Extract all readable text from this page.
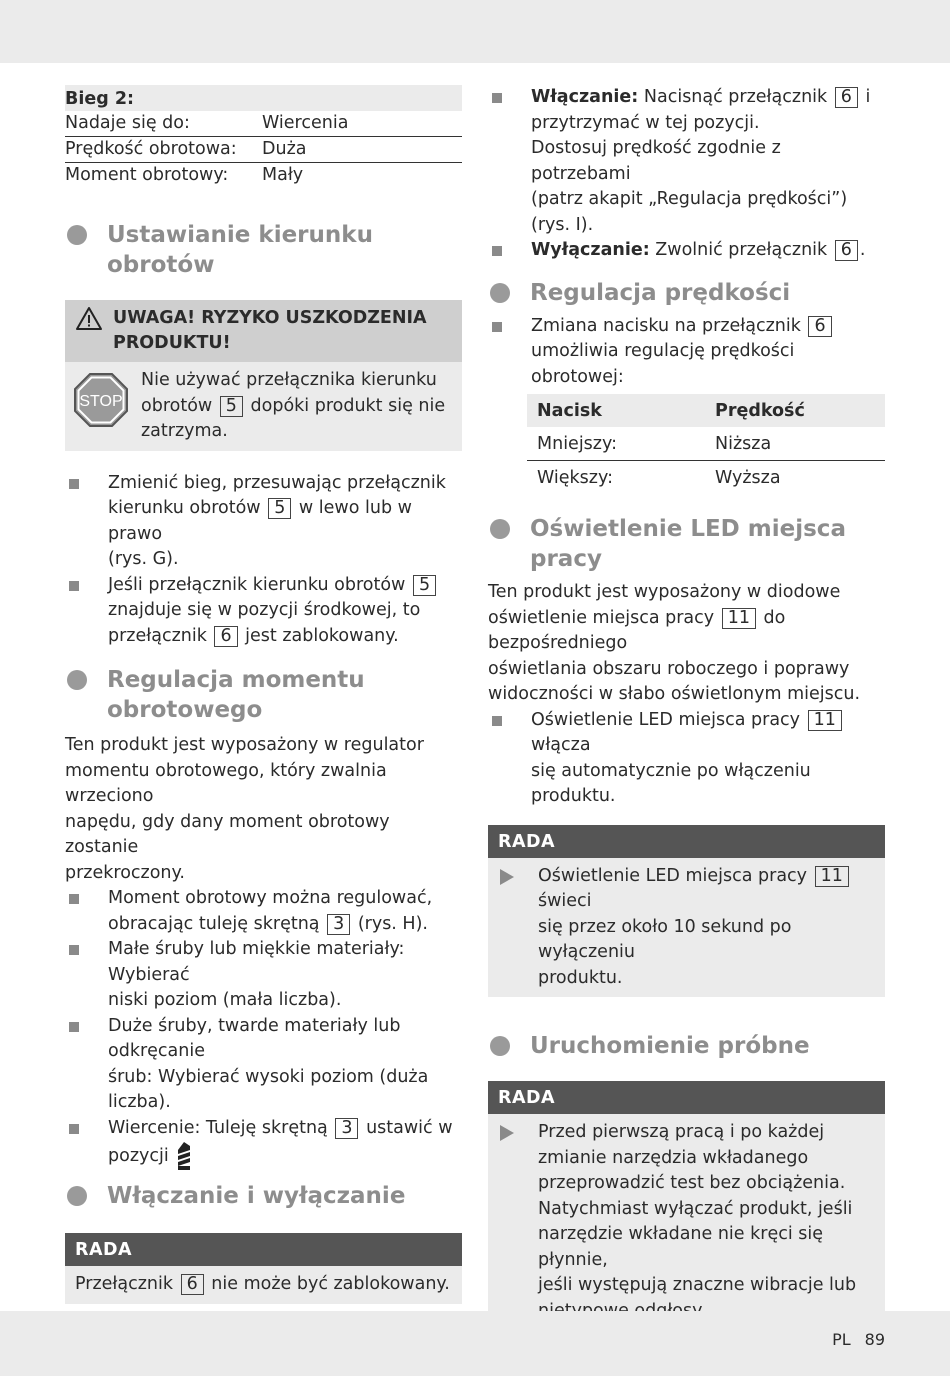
Bieg 2:	
Nadaje się do:	Wiercenia
Prędkość obrotowa:	Duża
Moment obrotowy:	Mały
Ustawianie kierunku
obrotów
UWAGA! RYZYKO USZKODZENIA
PRODUKTU!
STOP

Nie używać przełącznika kierunku

obrotów 5 dopóki produkt się nie

zatrzyma.

Zmienić bieg, przesuwając przełącznik

kierunku obrotów 5 w lewo lub w prawo

(rys. G).

Jeśli przełącznik kierunku obrotów 5

znajduje się w pozycji środkowej, to

przełącznik 6 jest zablokowany.

Regulacja momentu
obrotowego

Ten produkt jest wyposażony w regulator

momentu obrotowego, który zwalnia wrzeciono

napędu, gdy dany moment obrotowy zostanie

przekroczony.

Moment obrotowy można regulować,

obracając tuleję skrętną 3 (rys. H).

Małe śruby lub miękkie materiały: Wybierać

niski poziom (mała liczba).

Duże śruby, twarde materiały lub odkręcanie

śrub: Wybierać wysoki poziom (duża

liczba).

Wiercenie: Tuleję skrętną 3 ustawić w

pozycji

Włączanie i wyłączanie
RADA

Przełącznik 6 nie może być zablokowany.

Włączanie: Nacisnąć przełącznik 6 i

przytrzymać w tej pozycji.

Dostosuj prędkość zgodnie z potrzebami

(patrz akapit „Regulacja prędkości”) (rys. I).

Wyłączanie: Zwolnić przełącznik 6 .

Regulacja prędkości

Zmiana nacisku na przełącznik 6

umożliwia regulację prędkości obrotowej:

Nacisk	Prędkość
Mniejszy:	Niższa
Większy:	Wyższa
Oświetlenie LED miejsca
pracy

Ten produkt jest wyposażony w diodowe

oświetlenie miejsca pracy 11 do bezpośredniego

oświetlania obszaru roboczego i poprawy

widoczności w słabo oświetlonym miejscu.

Oświetlenie LED miejsca pracy 11 włącza

się automatycznie po włączeniu produktu.

RADA

Oświetlenie LED miejsca pracy 11 świeci

się przez około 10 sekund po wyłączeniu

produktu.

Uruchomienie próbne
RADA

Przed pierwszą pracą i po każdej

zmianie narzędzia wkładanego

przeprowadzić test bez obciążenia.

Natychmiast wyłączać produkt, jeśli

narzędzie wkładane nie kręci się płynnie,

jeśli występują znaczne wibracje lub

PL 89
